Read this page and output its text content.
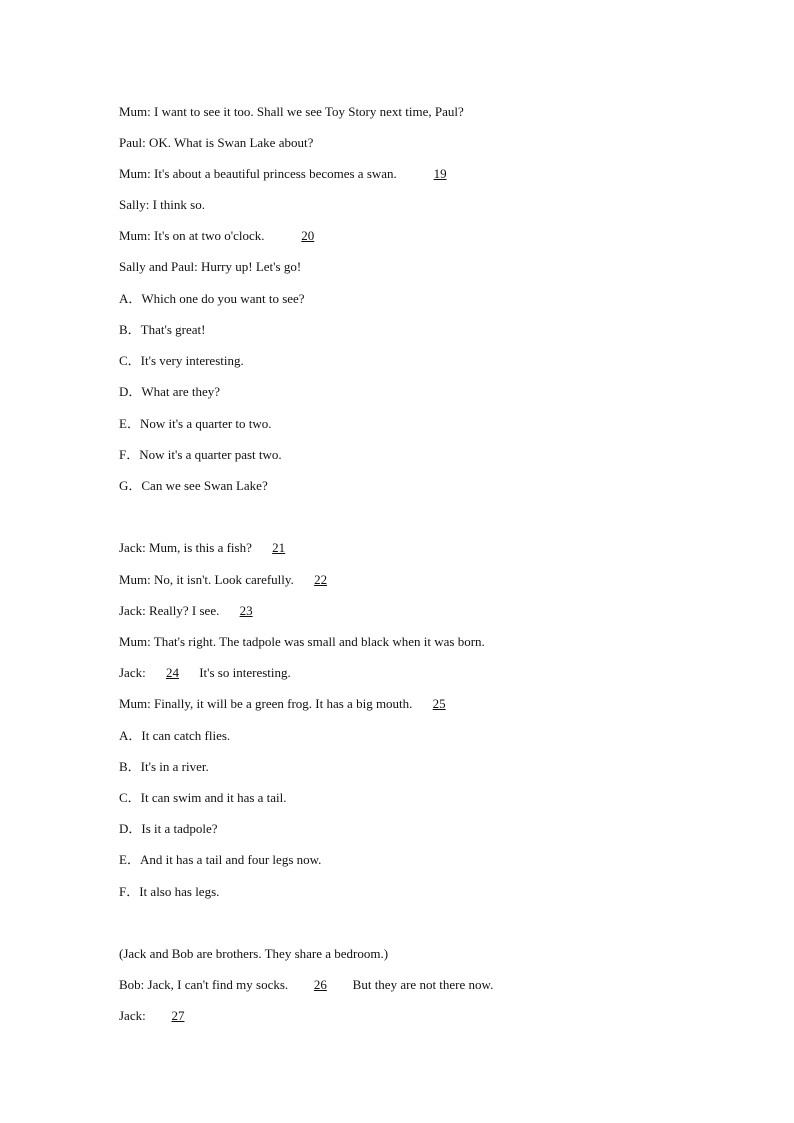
Mum: I want to see it too. Shall we see Toy Story next time, Paul?
Paul: OK. What is Swan Lake about?
Mum: It's about a beautiful princess becomes a swan.	19
Sally: I think so.
Mum: It's on at two o'clock.	20
Sally and Paul: Hurry up! Let's go!
A．Which one do you want to see?
B．That's great!
C．It's very interesting.
D．What are they?
E．Now it's a quarter to two.
F．Now it's a quarter past two.
G．Can we see Swan Lake?
Jack: Mum, is this a fish? 21
Mum: No, it isn't. Look carefully. 22
Jack: Really? I see. 23
Mum: That's right. The tadpole was small and black when it was born.
Jack: 24 It's so interesting.
Mum: Finally, it will be a green frog. It has a big mouth. 25
A．It can catch flies.
B．It's in a river.
C．It can swim and it has a tail.
D．Is it a tadpole?
E．And it has a tail and four legs now.
F．It also has legs.
(Jack and Bob are brothers. They share a bedroom.)
Bob: Jack, I can't find my socks. 26 But they are not there now.
Jack: 27
